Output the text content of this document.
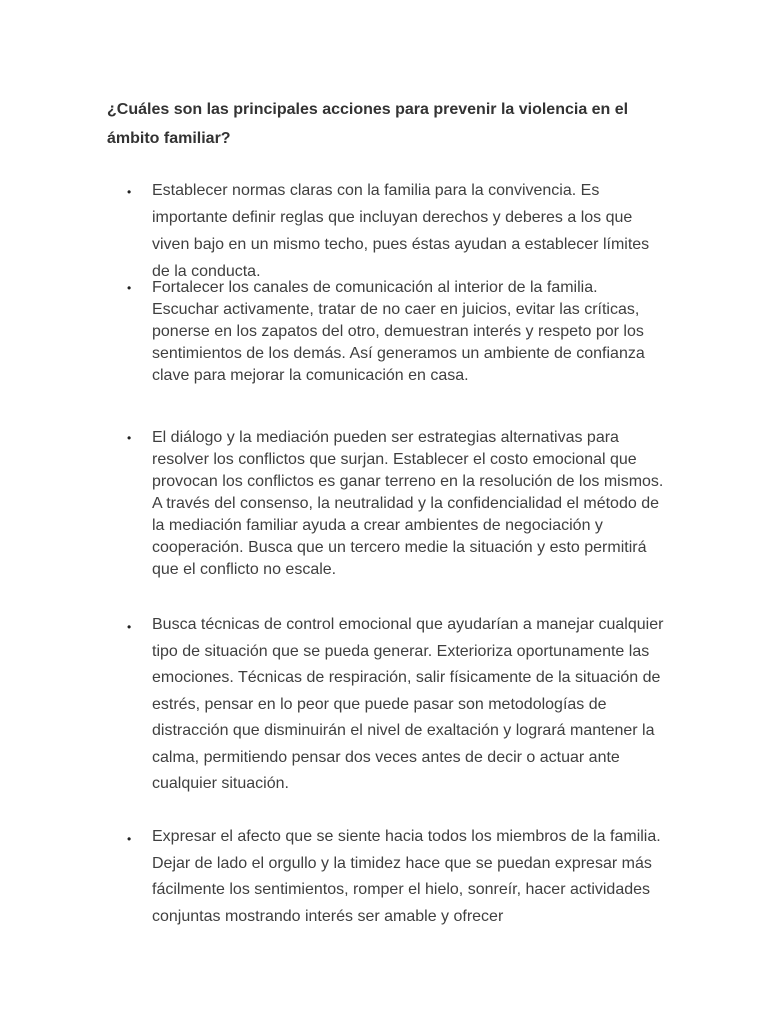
¿Cuáles son las principales acciones para prevenir la violencia en el ámbito familiar?
• Establecer normas claras con la familia para la convivencia. Es importante definir reglas que incluyan derechos y deberes a los que viven bajo en un mismo techo, pues éstas ayudan a establecer límites de la conducta.
• Fortalecer los canales de comunicación al interior de la familia. Escuchar activamente, tratar de no caer en juicios, evitar las críticas, ponerse en los zapatos del otro, demuestran interés y respeto por los sentimientos de los demás. Así generamos un ambiente de confianza clave para mejorar la comunicación en casa.
• El diálogo y la mediación pueden ser estrategias alternativas para resolver los conflictos que surjan. Establecer el costo emocional que provocan los conflictos es ganar terreno en la resolución de los mismos. A través del consenso, la neutralidad y la confidencialidad el método de la mediación familiar ayuda a crear ambientes de negociación y cooperación. Busca que un tercero medie la situación y esto permitirá que el conflicto no escale.
• Busca técnicas de control emocional que ayudarían a manejar cualquier tipo de situación que se pueda generar. Exterioriza oportunamente las emociones. Técnicas de respiración, salir físicamente de la situación de estrés, pensar en lo peor que puede pasar son metodologías de distracción que disminuirán el nivel de exaltación y logrará mantener la calma, permitiendo pensar dos veces antes de decir o actuar ante cualquier situación.
• Expresar el afecto que se siente hacia todos los miembros de la familia. Dejar de lado el orgullo y la timidez hace que se puedan expresar más fácilmente los sentimientos, romper el hielo, sonreír, hacer actividades conjuntas mostrando interés ser amable y ofrecer
